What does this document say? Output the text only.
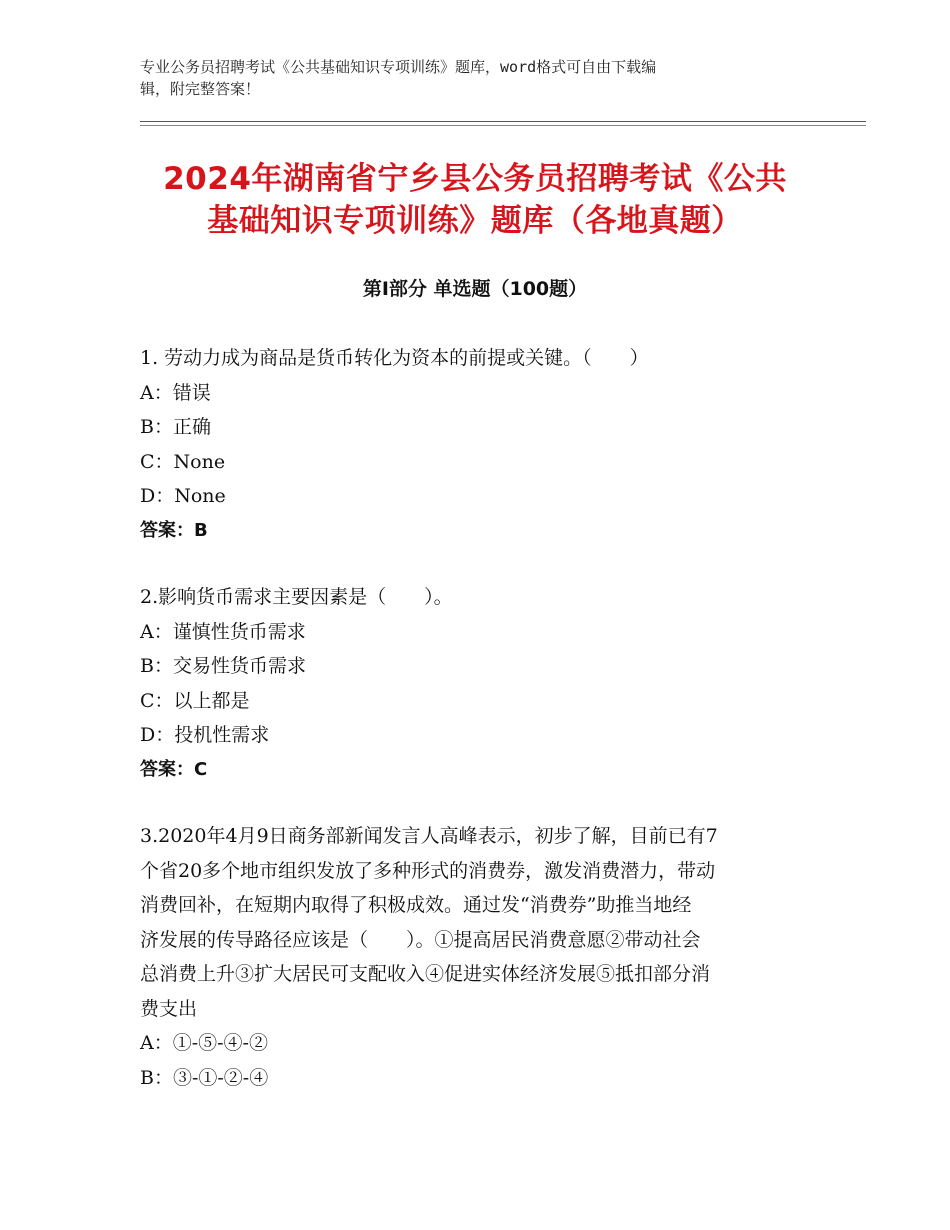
专业公务员招聘考试《公共基础知识专项训练》题库，word格式可自由下载编
辑，附完整答案！
2024年湖南省宁乡县公务员招聘考试《公共
基础知识专项训练》题库（各地真题）
第Ⅰ部分 单选题（100题）

1. 劳动力成为商品是货币转化为资本的前提或关键。（　　）

A：错误

B：正确

C：None

D：None

答案：B

2.影响货币需求主要因素是（　　）。

A：谨慎性货币需求

B：交易性货币需求

C：以上都是

D：投机性需求

答案：C

3.2020年4月9日商务部新闻发言人高峰表示，初步了解，目前已有7

个省20多个地市组织发放了多种形式的消费券，激发消费潜力，带动

消费回补，在短期内取得了积极成效。通过发“消费券”助推当地经

济发展的传导路径应该是（　　）。①提高居民消费意愿②带动社会

总消费上升③扩大居民可支配收入④促进实体经济发展⑤抵扣部分消

费支出

A：①-⑤-④-②

B：③-①-②-④
